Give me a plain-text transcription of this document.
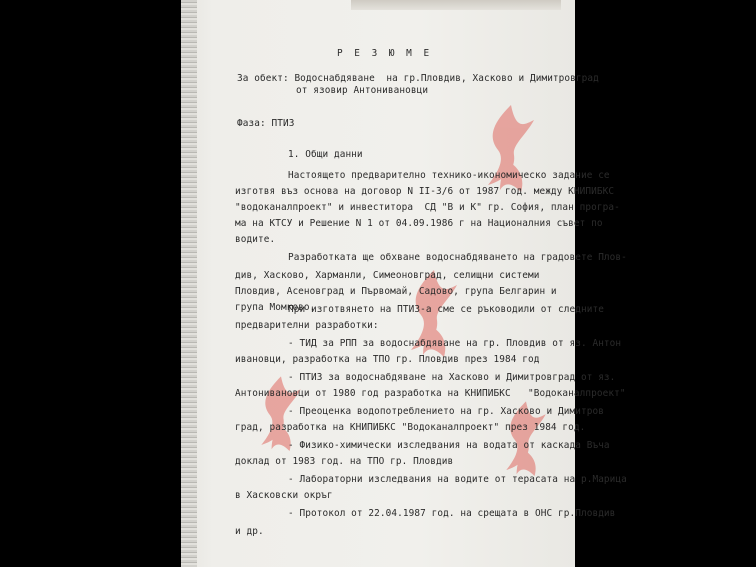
Р Е З Ю М Е
За обект: Водоснабдяване  на гр.Пловдив, Хасково и Димитровград
от язовир Антонивановци
Фаза: ПТИЗ
1. Общи данни
Настоящето предварително технико-икономическо задание се
изготвя въз основа на договор N II-3/6 от 1987 год. между КНИПИБКС
"водоканалпроект" и инвеститора  СД "В и К" гр. София, план програ-
ма на КТСУ и Решение N 1 от 04.09.1986 г на Националния съвет по
водите.
Разработката ще обхване водоснабдяването на градовете Плов-
див, Хасково, Харманли, Симеоновград, селищни системи Пловдив, Асеновград и Първомай, Садово, група Белгарин и група Момково.
При изготвянето на ПТИЗ-а сме се ръководили от следните
предварителни разработки:
- ТИД за РПП за водоснабдяване на гр. Пловдив от яз. Антон
ивановци, разработка на ТПО гр. Пловдив през 1984 год
- ПТИЗ за водоснабдяване на Хасково и Димитровград от яз.
Антонивановци от 1980 год разработка на КНИПИБКС   "Водоканалпроект"
- Преоценка водопотреблението на гр. Хасково и Димитров
град, разработка на КНИПИБКС "Водоканалпроект" през 1984 год.
- Физико-химически изследвания на водата от каскада Въча
доклад от 1983 год. на ТПО гр. Пловдив
- Лабораторни изследвания на водите от терасата на р.Марица
в Хасковски окръг
- Протокол от 22.04.1987 год. на срещата в ОНС гр.Пловдив
и др.
